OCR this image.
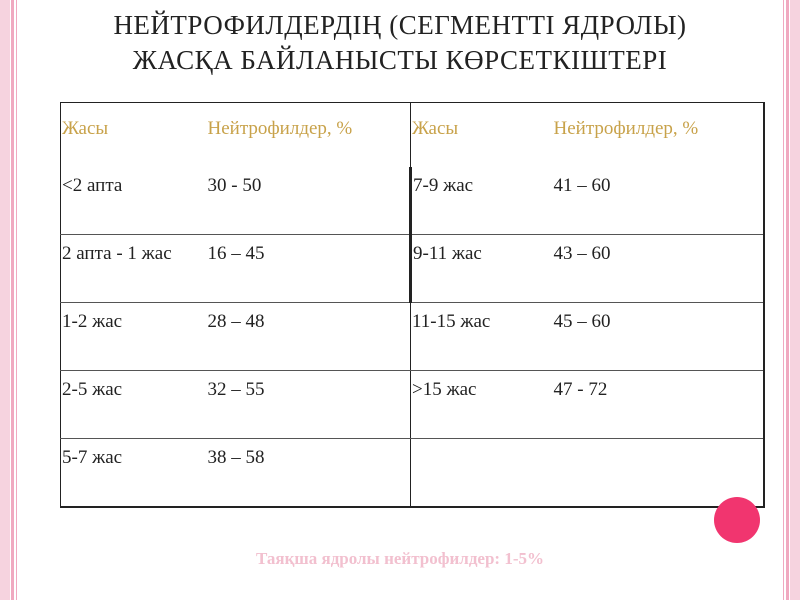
НЕЙТРОФИЛДЕРДІҢ (СЕГМЕНТТІ ЯДРОЛЫ)
ЖАСҚА БАЙЛАНЫСТЫ КӨРСЕТКІШТЕРІ
Жасы	Нейтрофилдер, %	Жасы	Нейтрофилдер, %
<2 апта	30 - 50	7-9 жас	41 – 60
2 апта - 1 жас	16 – 45	9-11 жас	43 – 60
1-2 жас	28 – 48	11-15 жас	45 – 60
2-5 жас	32 – 55	>15 жас	47 - 72
5-7 жас	38 – 58		
Таяқша ядролы нейтрофилдер: 1-5%
